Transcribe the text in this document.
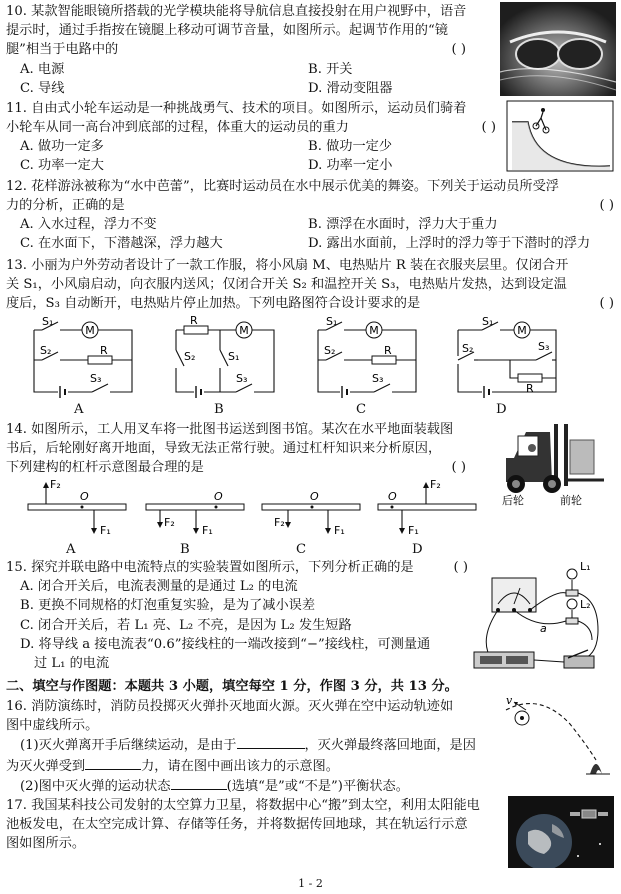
10. 某款智能眼镜所搭载的光学模块能将导航信息直接投射在用户视野中，语音
提示时，通过手指按在镜腿上移动可调节音量，如图所示。起调节作用的“镜
腿”相当于电路中的	( )
A. 电源	B. 开关
C. 导线	D. 滑动变阻器
11. 自由式小轮车运动是一种挑战勇气、技术的项目。如图所示，运动员们骑着
小轮车从同一高台冲到底部的过程，体重大的运动员的重力	( )
A. 做功一定多	B. 做功一定少
C. 功率一定大	D. 功率一定小
12. 花样游泳被称为“水中芭蕾”，比赛时运动员在水中展示优美的舞姿。下列关于运动员所受浮
力的分析，正确的是	( )
A. 入水过程，浮力不变	B. 漂浮在水面时，浮力大于重力
C. 在水面下，下潜越深，浮力越大	D. 露出水面前，上浮时的浮力等于下潜时的浮力
13. 小丽为户外劳动者设计了一款工作服，将小风扇 M、电热贴片 R 装在衣服夹层里。仅闭合开
关 S₁，小风扇启动，向衣服内送风；仅闭合开关 S₂ 和温控开关 S₃，电热贴片发热，达到设定温
度后，S₃ 自动断开，电热贴片停止加热。下列电路图符合设计要求的是	( )
M
S₁
S₂	R
S₃
A
M
R
S₂	S₁
S₃
B
M
S₁
S₂	R
S₃
C
M
S₁
S₂	S₃
R
D
14. 如图所示，工人用叉车将一批图书运送到图书馆。某次在水平地面装载图
书后，后轮刚好离开地面，导致无法正常行驶。通过杠杆知识来分析原因，
下列建构的杠杆示意图最合理的是	( )
后轮	前轮
F₂
O
F₁
A
F₂
O
F₁
B
F₂
O
F₁
C
F₂
O
F₁
D
15. 探究并联电路中电流特点的实验装置如图所示，下列分析正确的是	( )
A. 闭合开关后，电流表测量的是通过 L₂ 的电流
B. 更换不同规格的灯泡重复实验，是为了减小误差
C. 闭合开关后，若 L₁ 亮、L₂ 不亮，是因为 L₂ 发生短路
D. 将导线 a 接电流表“0.6”接线柱的一端改接到“−”接线柱，可测量通
过 L₁ 的电流
L₁
L₂
a
二、填空与作图题：本题共 3 小题，填空每空 1 分，作图 3 分，共 13 分。
16. 消防演练时，消防员投掷灭火弹扑灭地面火源。灭火弹在空中运动轨迹如
图中虚线所示。
(1)灭火弹离开手后继续运动，是由于	，灭火弹最终落回地面，是因
为灭火弹受到	力，请在图中画出该力的示意图。
(2)图中灭火弹的运动状态	(选填“是”或“不是”)平衡状态。
v
17. 我国某科技公司发射的太空算力卫星，将数据中心“搬”到太空，利用太阳能电
池板发电，在太空完成计算、存储等任务，并将数据传回地球，其在轨运行示意
图如图所示。
1 - 2
